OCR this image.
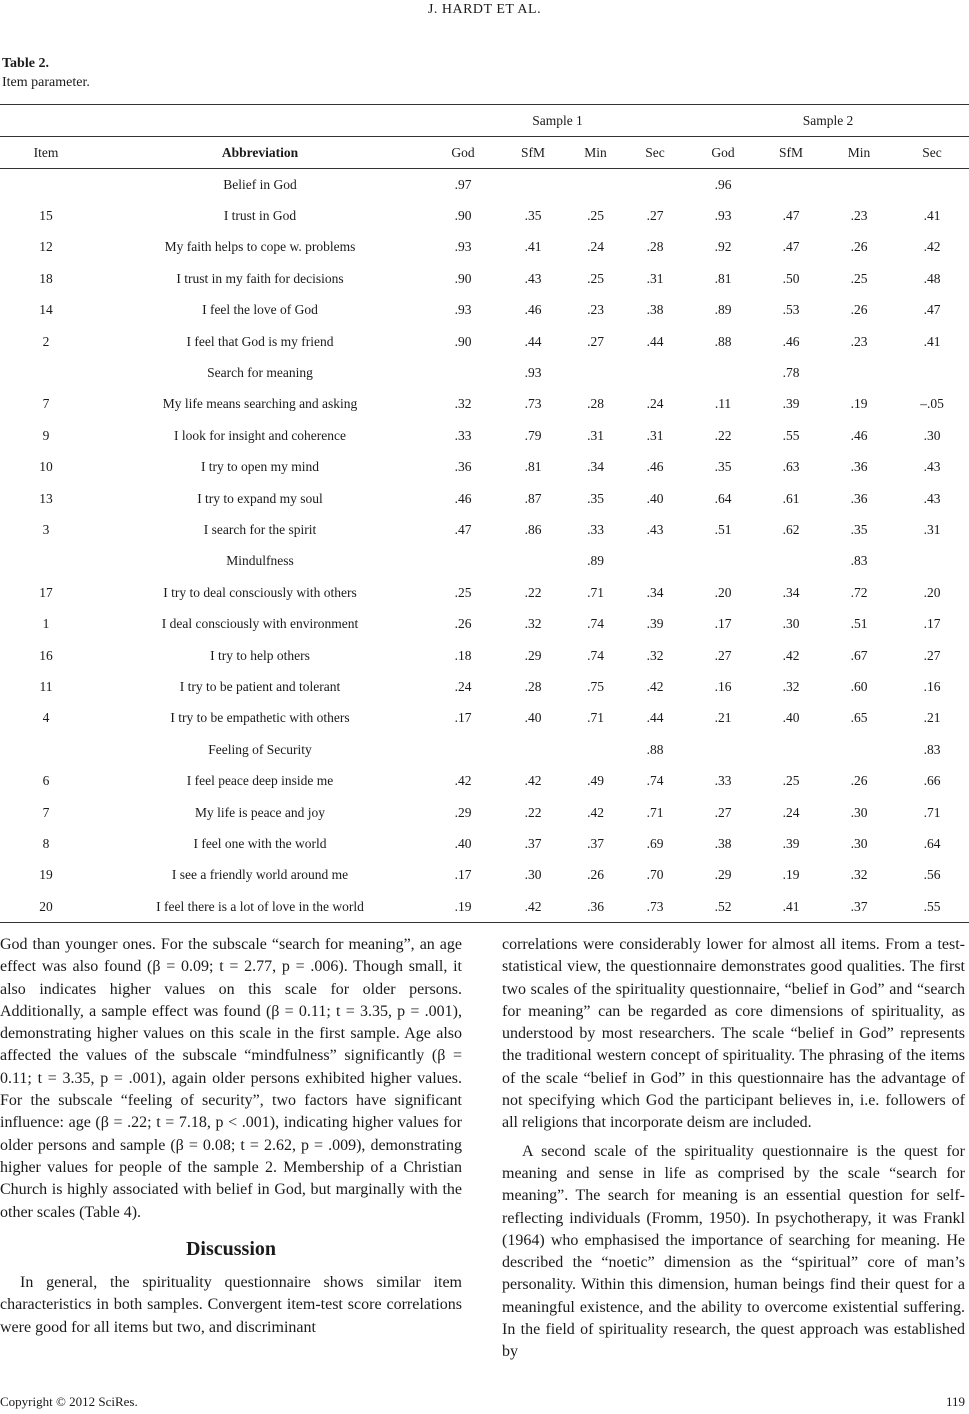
J. HARDT ET AL.
Table 2.
Item parameter.
		Sample 1				Sample 2			
Item	Abbreviation	God	SfM	Min	Sec	God	SfM	Min	Sec
	Belief in God	.97				.96			
15	I trust in God	.90	.35	.25	.27	.93	.47	.23	.41
12	My faith helps to cope w. problems	.93	.41	.24	.28	.92	.47	.26	.42
18	I trust in my faith for decisions	.90	.43	.25	.31	.81	.50	.25	.48
14	I feel the love of God	.93	.46	.23	.38	.89	.53	.26	.47
2	I feel that God is my friend	.90	.44	.27	.44	.88	.46	.23	.41
	Search for meaning		.93				.78		
7	My life means searching and asking	.32	.73	.28	.24	.11	.39	.19	–.05
9	I look for insight and coherence	.33	.79	.31	.31	.22	.55	.46	.30
10	I try to open my mind	.36	.81	.34	.46	.35	.63	.36	.43
13	I try to expand my soul	.46	.87	.35	.40	.64	.61	.36	.43
3	I search for the spirit	.47	.86	.33	.43	.51	.62	.35	.31
	Mindulfness			.89				.83	
17	I try to deal consciously with others	.25	.22	.71	.34	.20	.34	.72	.20
1	I deal consciously with environment	.26	.32	.74	.39	.17	.30	.51	.17
16	I try to help others	.18	.29	.74	.32	.27	.42	.67	.27
11	I try to be patient and tolerant	.24	.28	.75	.42	.16	.32	.60	.16
4	I try to be empathetic with others	.17	.40	.71	.44	.21	.40	.65	.21
	Feeling of Security				.88				.83
6	I feel peace deep inside me	.42	.42	.49	.74	.33	.25	.26	.66
7	My life is peace and joy	.29	.22	.42	.71	.27	.24	.30	.71
8	I feel one with the world	.40	.37	.37	.69	.38	.39	.30	.64
19	I see a friendly world around me	.17	.30	.26	.70	.29	.19	.32	.56
20	I feel there is a lot of love in the world	.19	.42	.36	.73	.52	.41	.37	.55

God than younger ones. For the subscale “search for meaning”, an age effect was also found (β = 0.09; t = 2.77, p = .006). Though small, it also indicates higher values on this scale for older persons. Additionally, a sample effect was found (β = 0.11; t = 3.35, p = .001), demonstrating higher values on this scale in the first sample. Age also affected the values of the subscale “mindfulness” significantly (β = 0.11; t = 3.35, p = .001), again older persons exhibited higher values. For the subscale “feeling of security”, two factors have significant influence: age (β = .22; t = 7.18, p < .001), indicating higher values for older persons and sample (β = 0.08; t = 2.62, p = .009), demonstrating higher values for people of the sample 2. Membership of a Christian Church is highly associated with belief in God, but marginally with the other scales (Table 4).

Discussion

In general, the spirituality questionnaire shows similar item characteristics in both samples. Convergent item-test score correlations were good for all items but two, and discriminant

correlations were considerably lower for almost all items. From a test-statistical view, the questionnaire demonstrates good qualities. The first two scales of the spirituality questionnaire, “belief in God” and “search for meaning” can be regarded as core dimensions of spirituality, as understood by most researchers. The scale “belief in God” represents the traditional western concept of spirituality. The phrasing of the items of the scale “belief in God” in this questionnaire has the advantage of not specifying which God the participant believes in, i.e. followers of all religions that incorporate deism are included.

A second scale of the spirituality questionnaire is the quest for meaning and sense in life as comprised by the scale “search for meaning”. The search for meaning is an essential question for self-reflecting individuals (Fromm, 1950). In psychotherapy, it was Frankl (1964) who emphasised the importance of searching for meaning. He described the “noetic” dimension as the “spiritual” core of man’s personality. Within this dimension, human beings find their quest for a meaningful existence, and the ability to overcome existential suffering. In the field of spirituality research, the quest approach was established by

Copyright © 2012 SciRes.	119
